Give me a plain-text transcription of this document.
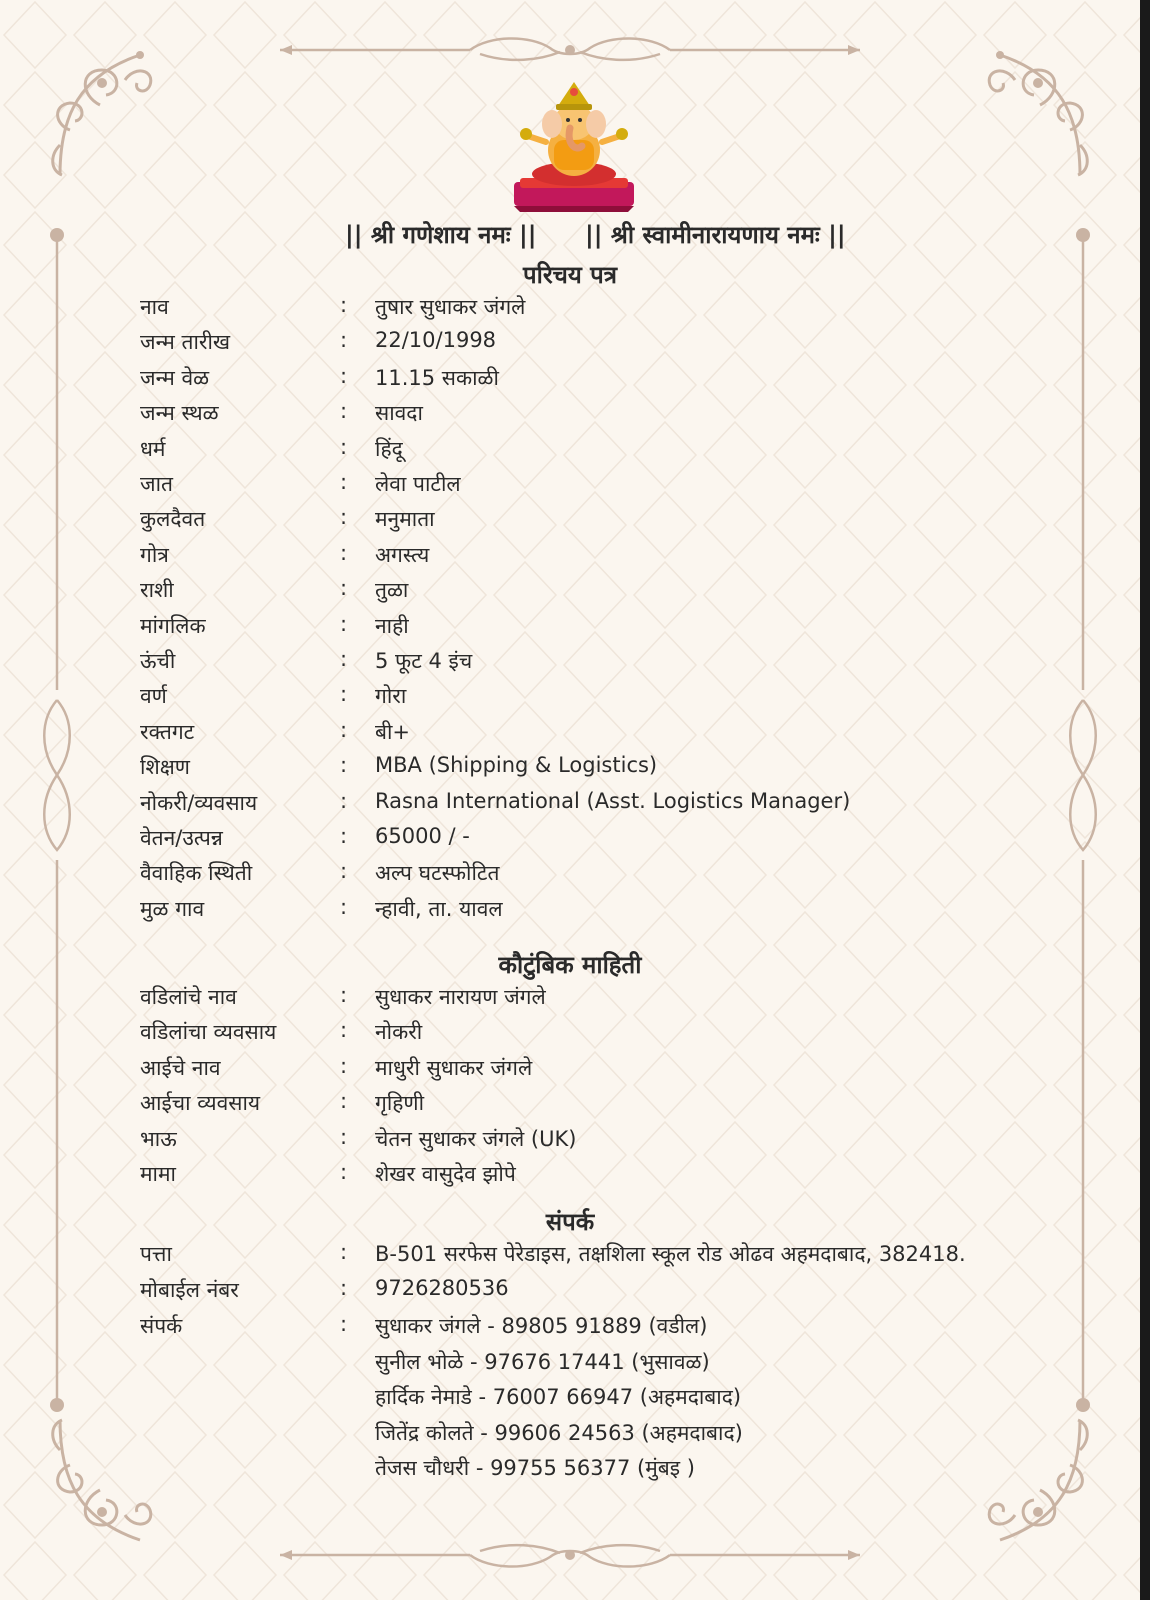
|| श्री गणेशाय नमः || || श्री स्वामीनारायणाय नमः ||
परिचय पत्र
नाव	: तुषार सुधाकर जंगले
जन्म तारीख	: 22/10/1998
जन्म वेळ	: 11.15 सकाळी
जन्म स्थळ	: सावदा
धर्म	: हिंदू
जात	: लेवा पाटील
कुलदैवत	: मनुमाता
गोत्र	: अगस्त्य
राशी	: तुळा
मांगलिक	: नाही
ऊंची	: 5 फूट 4 इंच
वर्ण	: गोरा
रक्तगट	: बी+
शिक्षण	: MBA (Shipping & Logistics)
नोकरी/व्यवसाय	: Rasna International (Asst. Logistics Manager)
वेतन/उत्पन्न	: 65000 / -
वैवाहिक स्थिती	: अल्प घटस्फोटित
मुळ गाव	: न्हावी, ता. यावल
कौटुंबिक माहिती
वडिलांचे नाव	: सुधाकर नारायण जंगले
वडिलांचा व्यवसाय	: नोकरी
आईचे नाव	: माधुरी सुधाकर जंगले
आईचा व्यवसाय	: गृहिणी
भाऊ	: चेतन सुधाकर जंगले (UK)
मामा	: शेखर वासुदेव झोपे
संपर्क
पत्ता	: B-501 सरफेस पेरेडाइस, तक्षशिला स्कूल रोड ओढव अहमदाबाद, 382418.
मोबाईल नंबर	: 9726280536
संपर्क	: सुधाकर जंगले - 89805 91889 (वडील)
सुनील भोळे - 97676 17441 (भुसावळ)
हार्दिक नेमाडे - 76007 66947 (अहमदाबाद)
जितेंद्र कोलते - 99606 24563 (अहमदाबाद)
तेजस चौधरी - 99755 56377 (मुंबइ )
